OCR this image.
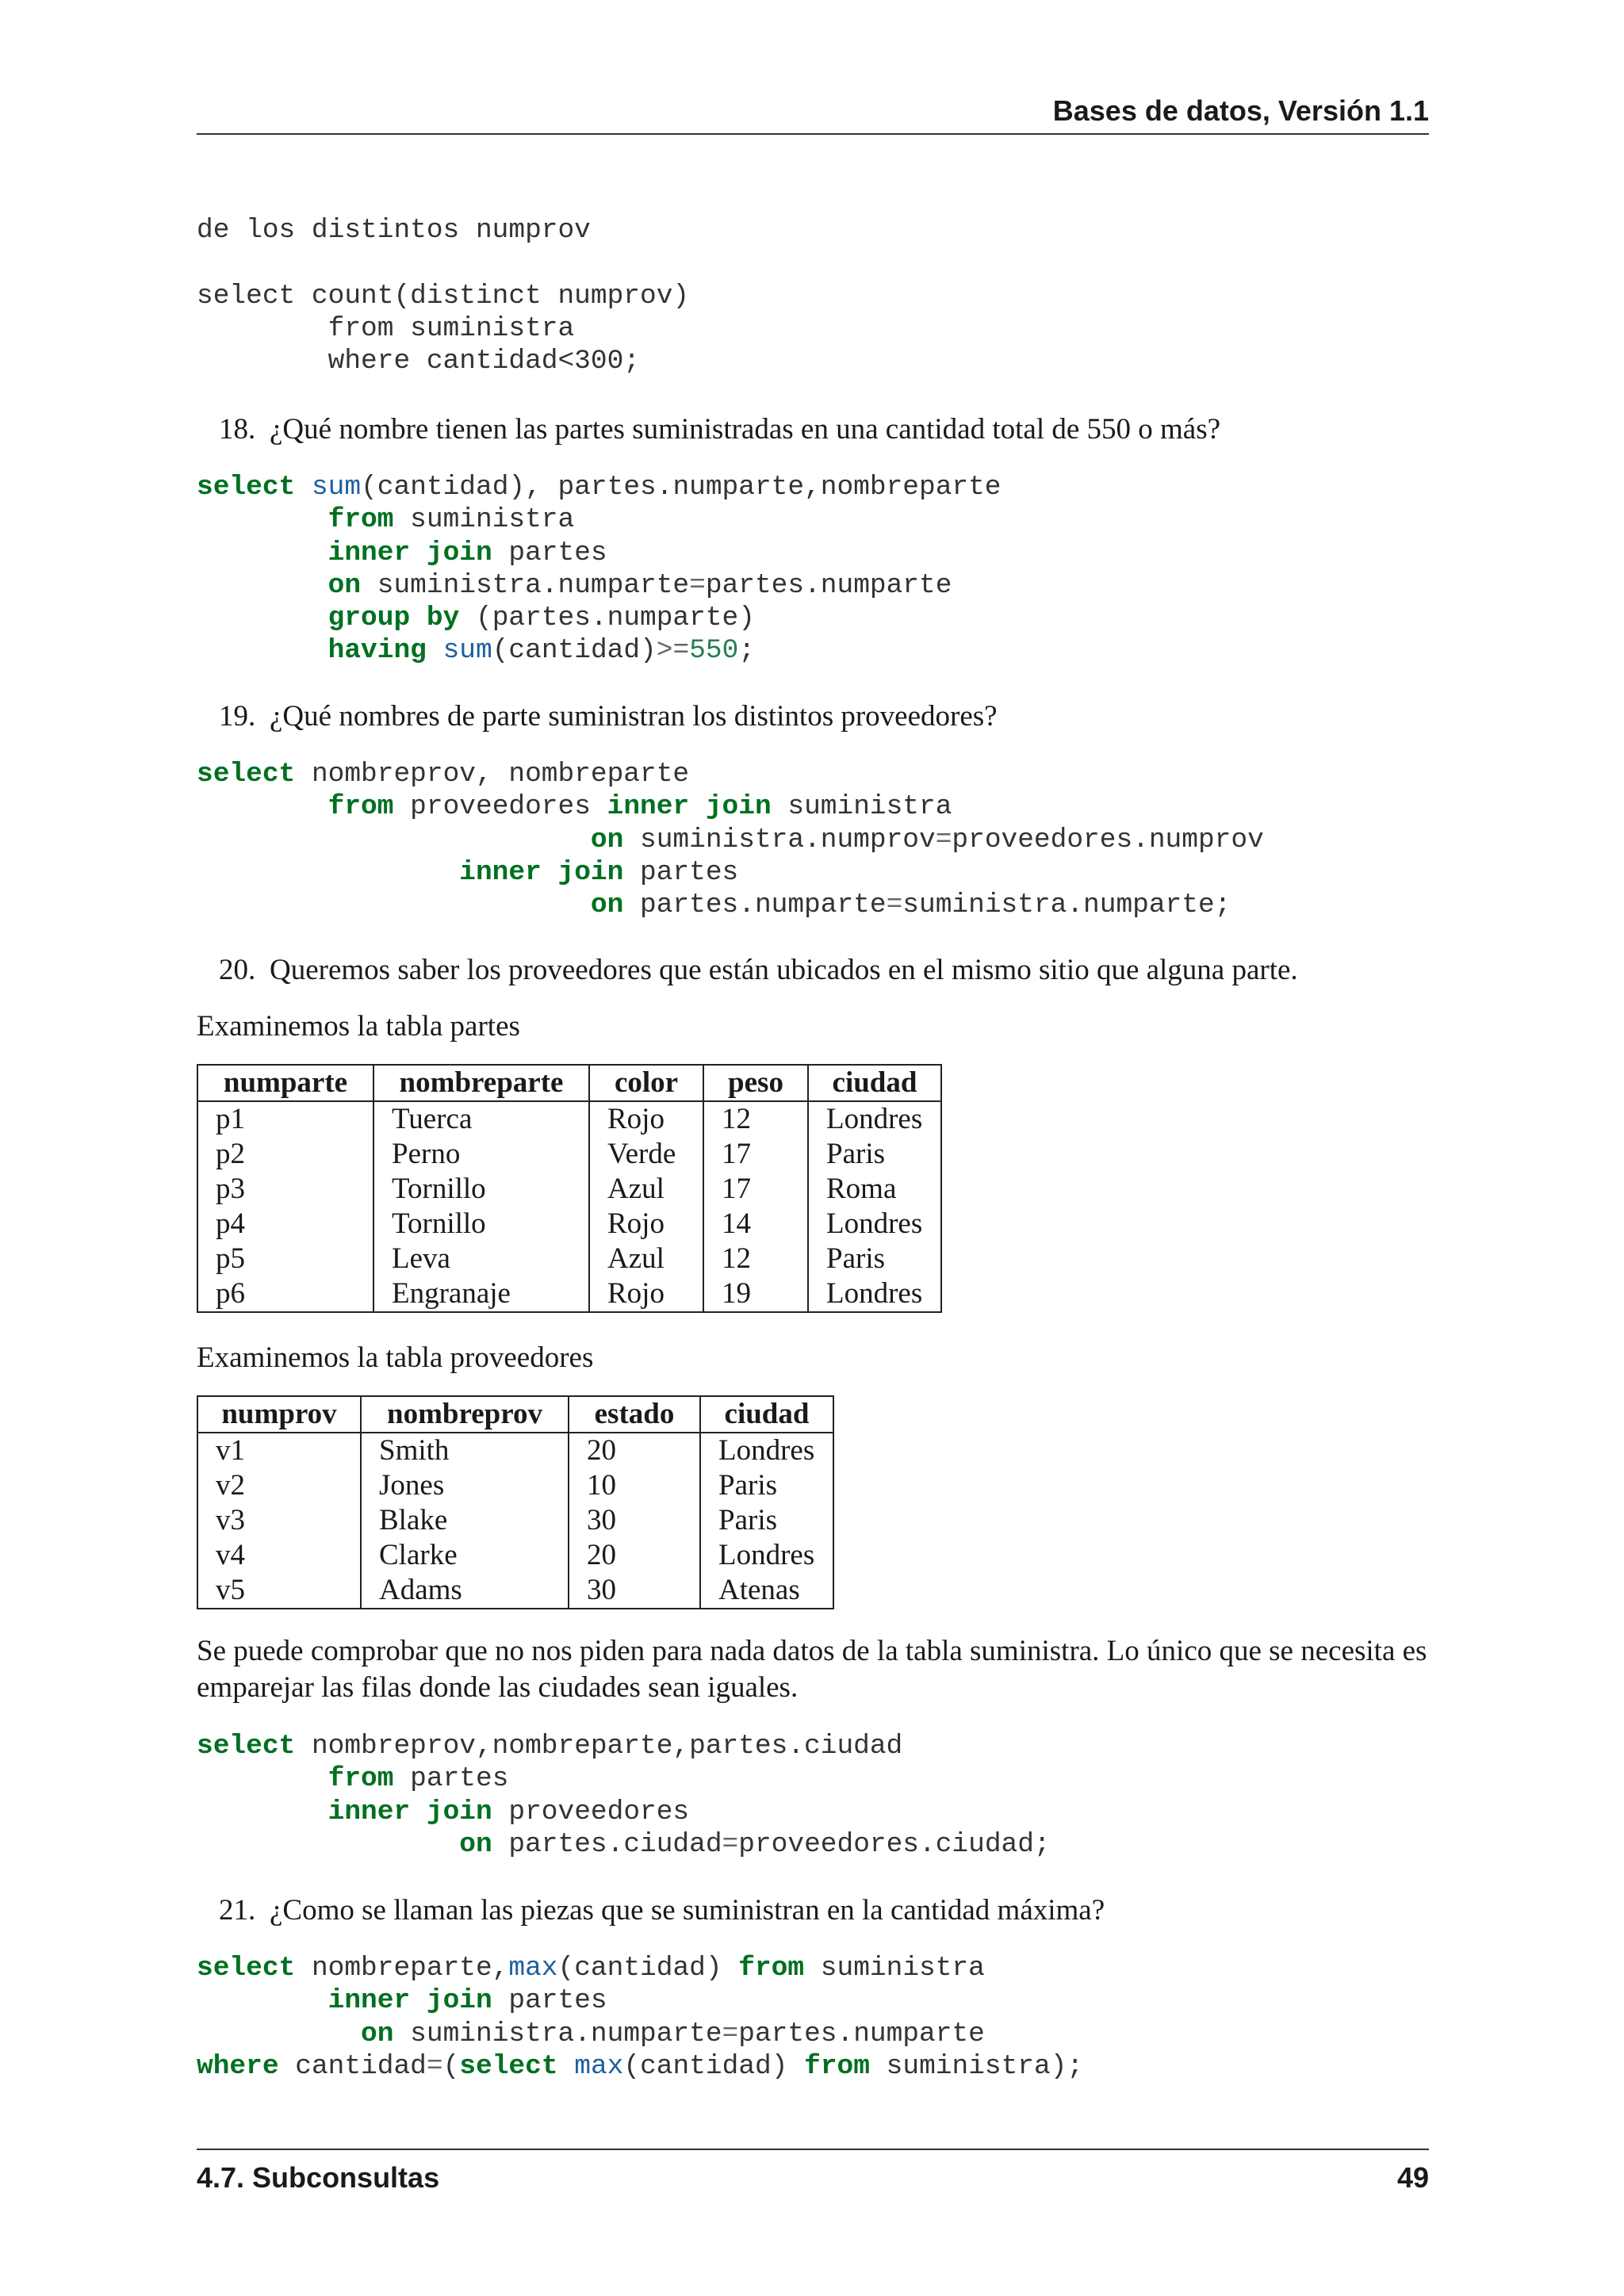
Bases de datos, Versión 1.1
de los distintos numprov

select count(distinct numprov)
from suministra
where cantidad<300;
18. ¿Qué nombre tienen las partes suministradas en una cantidad total de 550 o más?
select sum(cantidad), partes.numparte,nombreparte
from suministra
inner join partes
on suministra.numparte=partes.numparte
group by (partes.numparte)
having sum(cantidad)>=550;
19. ¿Qué nombres de parte suministran los distintos proveedores?
select nombreprov, nombreparte
from proveedores inner join suministra
on suministra.numprov=proveedores.numprov
inner join partes
on partes.numparte=suministra.numparte;
20. Queremos saber los proveedores que están ubicados en el mismo sitio que alguna parte.
Examinemos la tabla partes
numparte	nombreparte	color	peso	ciudad
p1	Tuerca	Rojo	12	Londres
p2	Perno	Verde	17	Paris
p3	Tornillo	Azul	17	Roma
p4	Tornillo	Rojo	14	Londres
p5	Leva	Azul	12	Paris
p6	Engranaje	Rojo	19	Londres
Examinemos la tabla proveedores
numprov	nombreprov	estado	ciudad
v1	Smith	20	Londres
v2	Jones	10	Paris
v3	Blake	30	Paris
v4	Clarke	20	Londres
v5	Adams	30	Atenas
Se puede comprobar que no nos piden para nada datos de la tabla suministra. Lo único que se necesita es emparejar las filas donde las ciudades sean iguales.
select nombreprov,nombreparte,partes.ciudad
from partes
inner join proveedores
on partes.ciudad=proveedores.ciudad;
21. ¿Como se llaman las piezas que se suministran en la cantidad máxima?
select nombreparte,max(cantidad) from suministra
inner join partes
on suministra.numparte=partes.numparte
where cantidad=(select max(cantidad) from suministra);
4.7. Subconsultas	49
